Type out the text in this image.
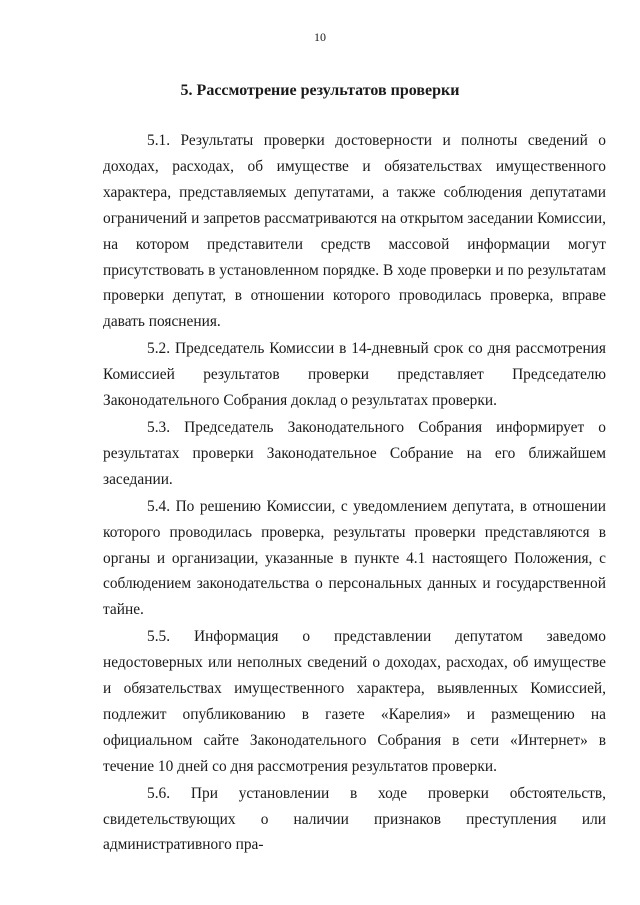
10
5. Рассмотрение результатов проверки

5.1. Результаты проверки достоверности и полноты сведений о доходах, расходах, об имуществе и обязательствах имущественного характера, представляемых депутатами, а также соблюдения депутатами ограничений и запретов рассматриваются на открытом заседании Комиссии, на котором представители средств массовой информации могут присутствовать в установленном порядке. В ходе проверки и по результатам проверки депутат, в отношении которого проводилась проверка, вправе давать пояснения.

5.2. Председатель Комиссии в 14-дневный срок со дня рассмотрения Комиссией результатов проверки представляет Председателю Законодательного Собрания доклад о результатах проверки.

5.3. Председатель Законодательного Собрания информирует о результатах проверки Законодательное Собрание на его ближайшем заседании.

5.4. По решению Комиссии, с уведомлением депутата, в отношении которого проводилась проверка, результаты проверки представляются в органы и организации, указанные в пункте 4.1 настоящего Положения, с соблюдением законодательства о персональных данных и государственной тайне.

5.5. Информация о представлении депутатом заведомо недостоверных или неполных сведений о доходах, расходах, об имуществе и обязательствах имущественного характера, выявленных Комиссией, подлежит опубликованию в газете «Карелия» и размещению на официальном сайте Законодательного Собрания в сети «Интернет» в течение 10 дней со дня рассмотрения результатов проверки.

5.6. При установлении в ходе проверки обстоятельств, свидетельствующих о наличии признаков преступления или административного пра-
